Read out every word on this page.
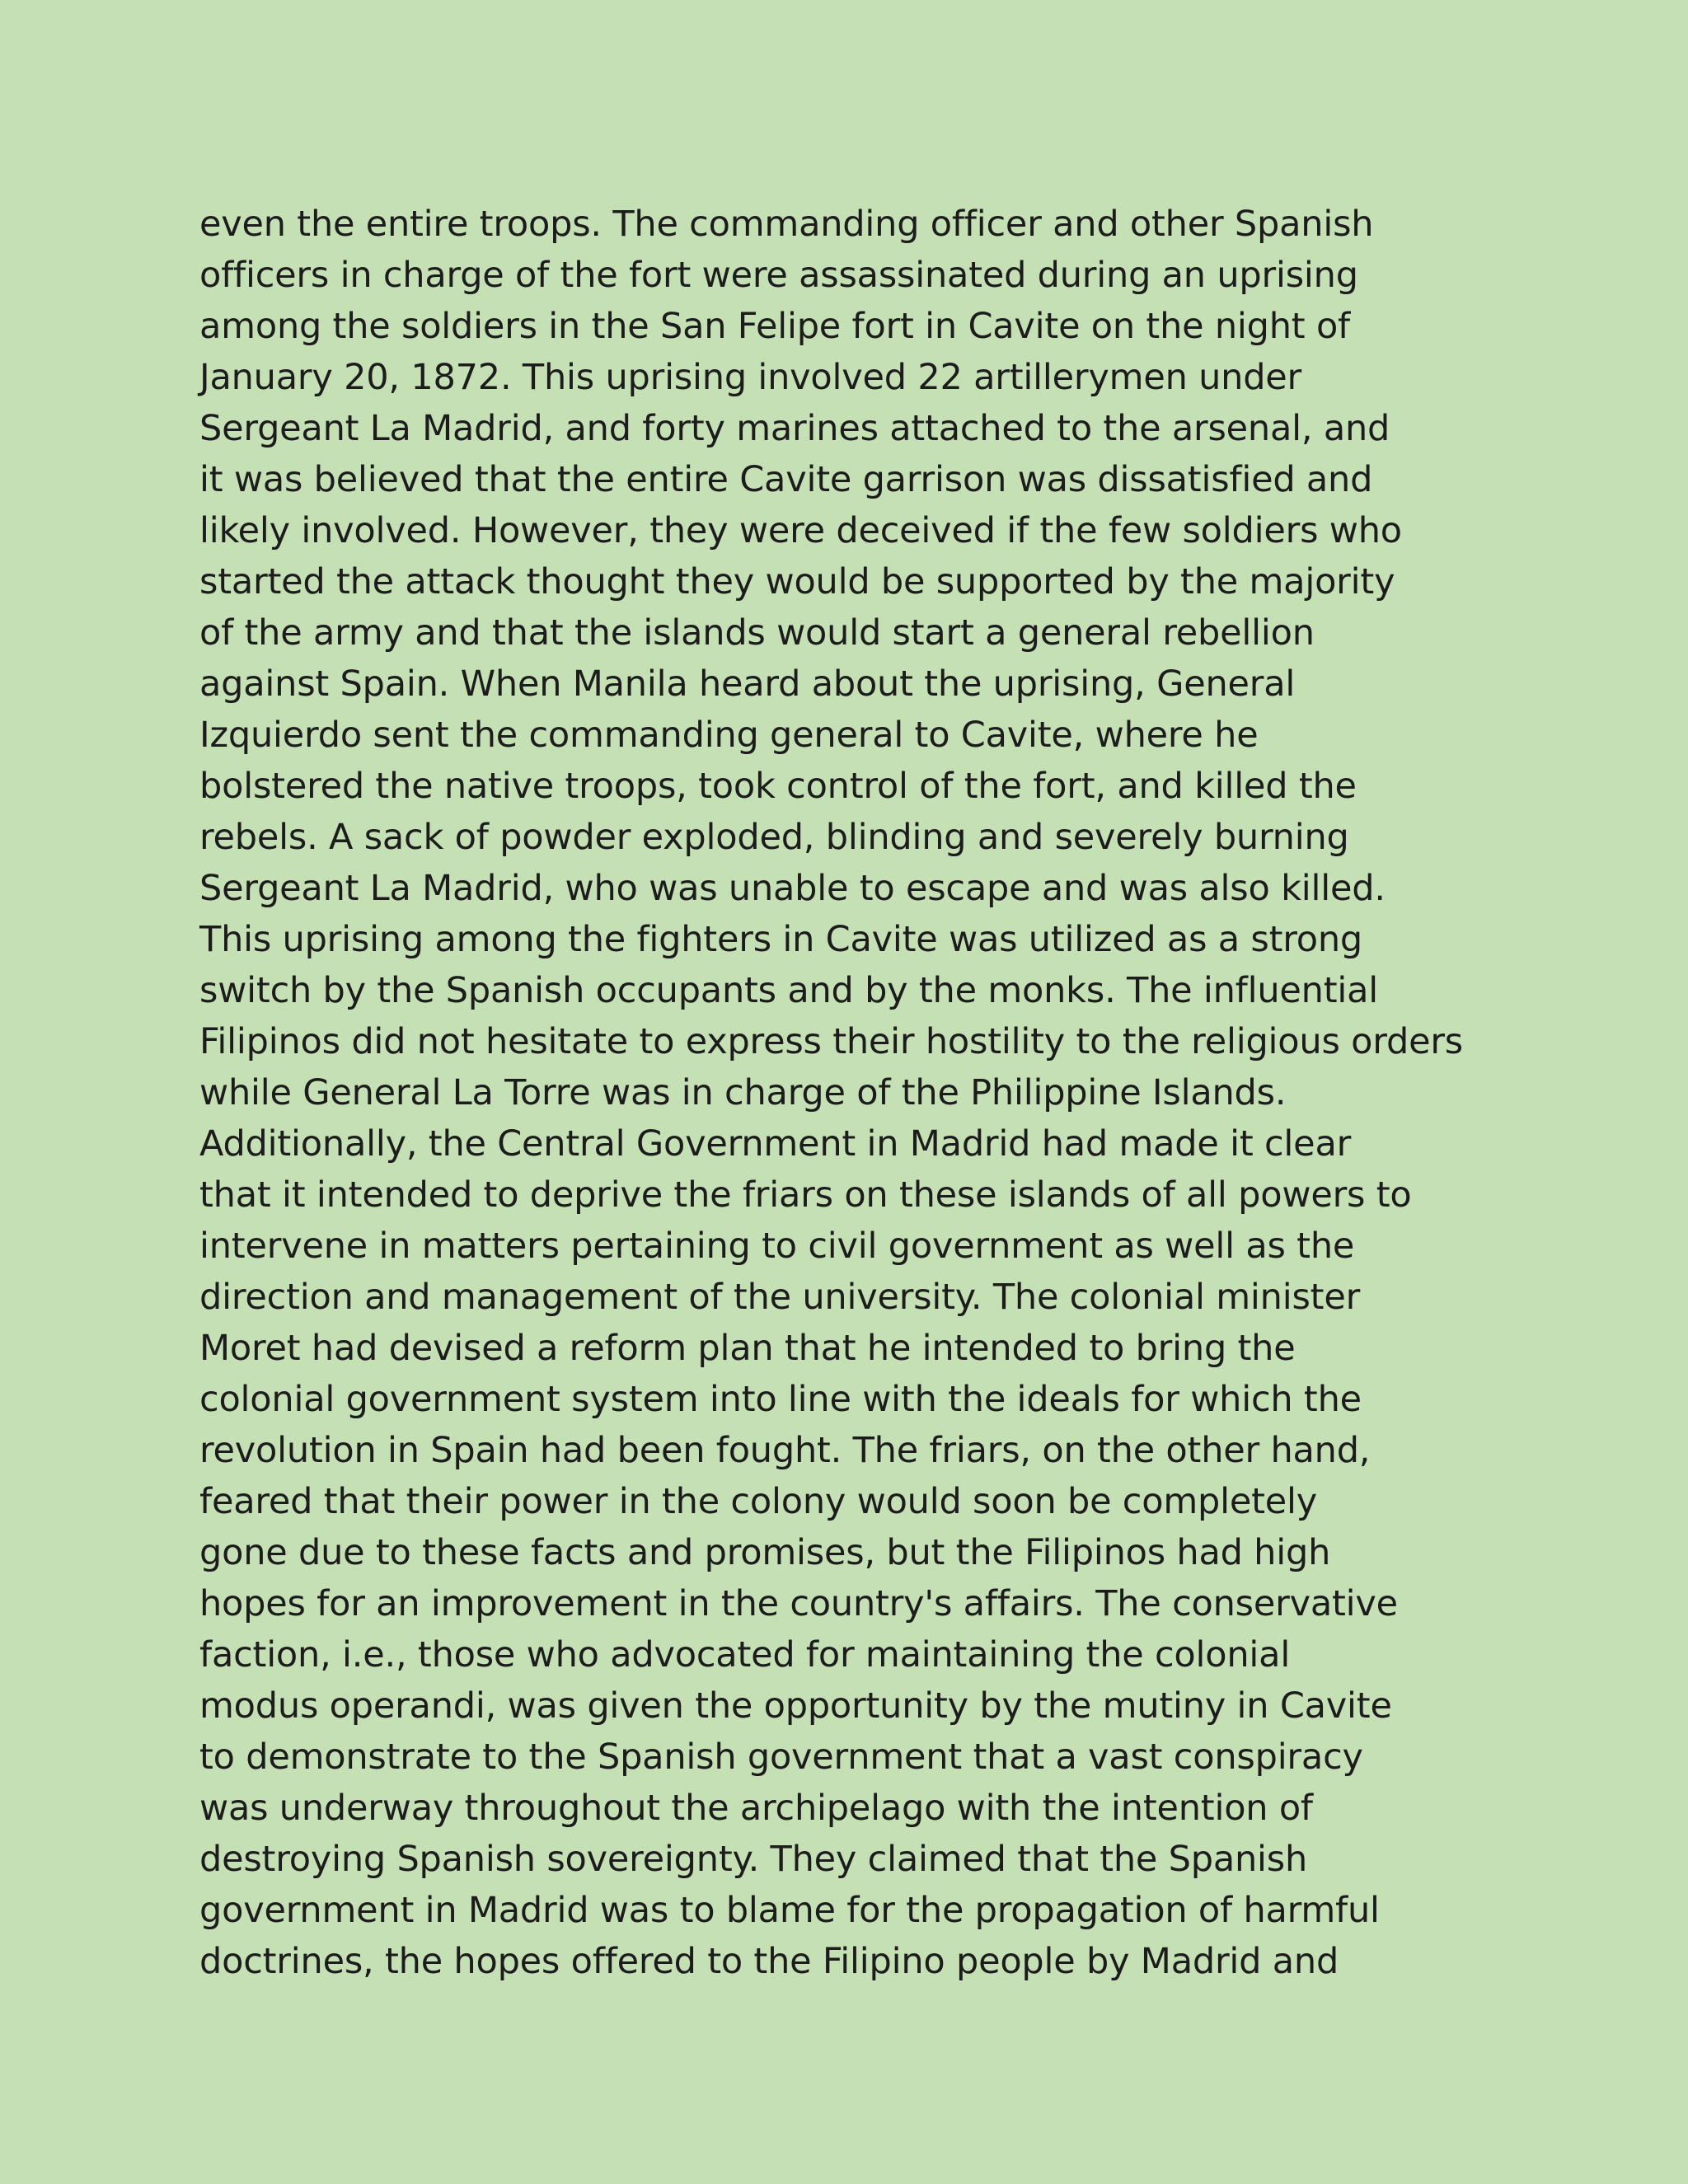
even the entire troops. The commanding officer and other Spanish
officers in charge of the fort were assassinated during an uprising
among the soldiers in the San Felipe fort in Cavite on the night of
January 20, 1872. This uprising involved 22 artillerymen under
Sergeant La Madrid, and forty marines attached to the arsenal, and
it was believed that the entire Cavite garrison was dissatisfied and
likely involved. However, they were deceived if the few soldiers who
started the attack thought they would be supported by the majority
of the army and that the islands would start a general rebellion
against Spain. When Manila heard about the uprising, General
Izquierdo sent the commanding general to Cavite, where he
bolstered the native troops, took control of the fort, and killed the
rebels. A sack of powder exploded, blinding and severely burning
Sergeant La Madrid, who was unable to escape and was also killed.
This uprising among the fighters in Cavite was utilized as a strong
switch by the Spanish occupants and by the monks. The influential
Filipinos did not hesitate to express their hostility to the religious orders
while General La Torre was in charge of the Philippine Islands.
Additionally, the Central Government in Madrid had made it clear
that it intended to deprive the friars on these islands of all powers to
intervene in matters pertaining to civil government as well as the
direction and management of the university. The colonial minister
Moret had devised a reform plan that he intended to bring the
colonial government system into line with the ideals for which the
revolution in Spain had been fought. The friars, on the other hand,
feared that their power in the colony would soon be completely
gone due to these facts and promises, but the Filipinos had high
hopes for an improvement in the country's affairs. The conservative
faction, i.e., those who advocated for maintaining the colonial
modus operandi, was given the opportunity by the mutiny in Cavite
to demonstrate to the Spanish government that a vast conspiracy
was underway throughout the archipelago with the intention of
destroying Spanish sovereignty. They claimed that the Spanish
government in Madrid was to blame for the propagation of harmful
doctrines, the hopes offered to the Filipino people by Madrid and
